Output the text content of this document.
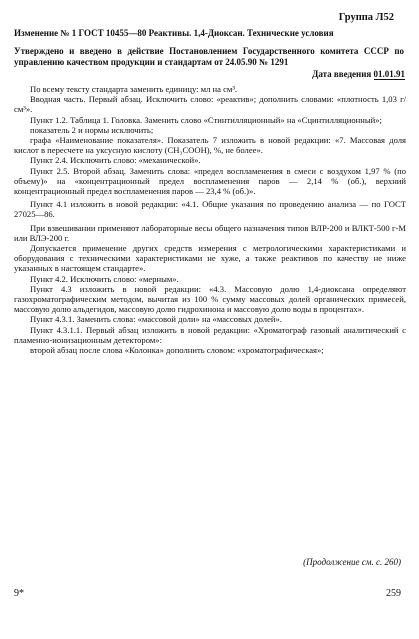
Группа Л52
Изменение № 1 ГОСТ 10455—80 Реактивы. 1,4-Диоксан. Технические условия
Утверждено и введено в действие Постановлением Государственного комитета СССР по управлению качеством продукции и стандартам от 24.05.90 № 1291
Дата введения 01.01.91

По всему тексту стандарта заменить единицу: мл на см³.

Вводная часть. Первый абзац. Исключить слово: «реактив»; дополнить словами: «плотность 1,03 г/см³».

Пункт 1.2. Таблица 1. Головка. Заменить слово «Стинтилляционный» на «Сцинтилляционный»;

показатель 2 и нормы исключить;

графа «Наименование показателя». Показатель 7 изложить в новой редакции: «7. Массовая доля кислот в пересчете на уксусную кислоту (CH₃COOH), %, не более».

Пункт 2.4. Исключить слово: «механической».

Пункт 2.5. Второй абзац. Заменить слова: «предел воспламенения в смеси с воздухом 1,97 % (по объему)» на «концентрационный предел воспламенения паров — 2,14 % (об.), верхний концентрационный предел воспламенения паров — 23,4 % (об.)».

Пункт 4.1 изложить в новой редакции: «4.1. Общие указания по проведению анализа — по ГОСТ 27025—86.

При взвешивании применяют лабораторные весы общего назначения типов ВЛР-200 и ВЛКТ-500 г-М или ВЛЭ-200 г.

Допускается применение других средств измерения с метрологическими характеристиками и оборудования с техническими характеристиками не хуже, а также реактивов по качеству не ниже указанных в настоящем стандарте».

Пункт 4.2. Исключить слово: «мерным».

Пункт 4.3 изложить в новой редакции: «4.3. Массовую долю 1,4-диоксана определяют газохроматографическим методом, вычитая из 100 % сумму массовых долей органических примесей, массовую долю альдегидов, массовую долю гидрохинона и массовую долю воды в процентах».

Пункт 4.3.1. Заменить слова: «массовой доли» на «массовых долей».

Пункт 4.3.1.1. Первый абзац изложить в новой редакции: «Хроматограф газовый аналитический с пламенно-ионизационным детектором»:

второй абзац после слова «Колонка» дополнить словом: «хроматографическая»;

(Продолжение см. с. 260)
9*	259
